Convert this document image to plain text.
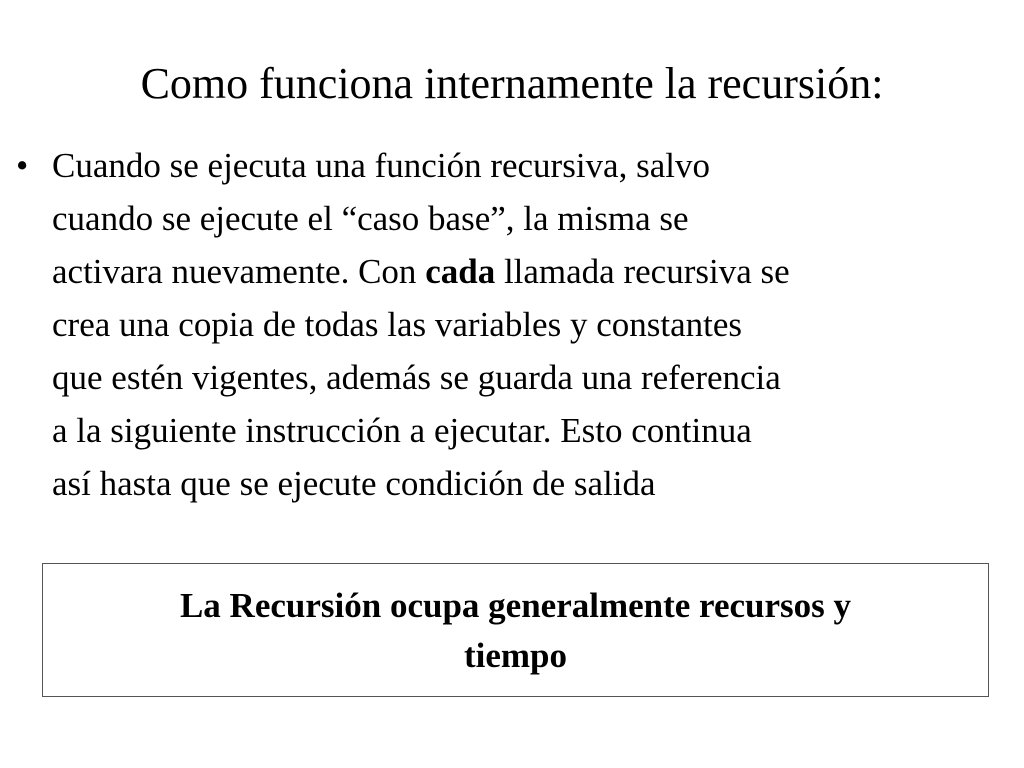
Como funciona internamente la recursión:
• Cuando se ejecuta una función recursiva, salvo
cuando se ejecute el “caso base”, la misma se
activara nuevamente. Con cada llamada recursiva se
crea una copia de todas las variables y constantes
que estén vigentes, además se guarda una referencia
a la siguiente instrucción a ejecutar. Esto continua
así hasta que se ejecute condición de salida

La Recursión ocupa generalmente recursos y
tiempo
